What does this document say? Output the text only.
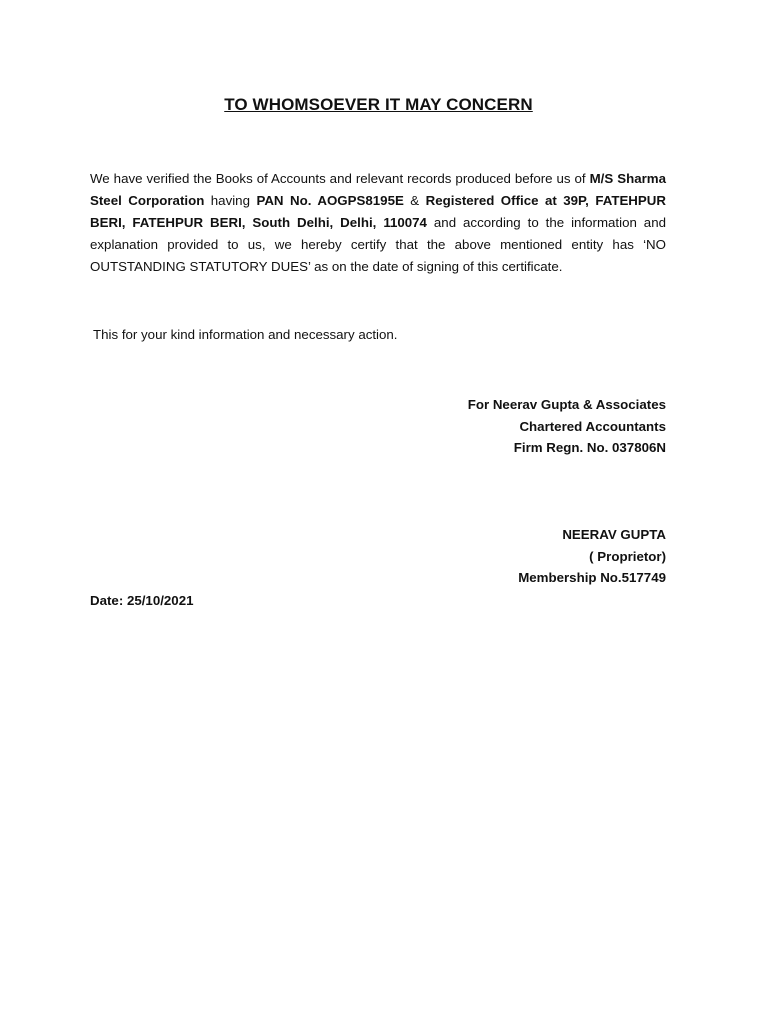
TO WHOMSOEVER IT MAY CONCERN
We have verified the Books of Accounts and relevant records produced before us of M/S Sharma Steel Corporation having PAN No. AOGPS8195E & Registered Office at 39P, FATEHPUR BERI, FATEHPUR BERI, South Delhi, Delhi, 110074 and according to the information and explanation provided to us, we hereby certify that the above mentioned entity has ‘NO OUTSTANDING STATUTORY DUES’ as on the date of signing of this certificate.
This for your kind information and necessary action.
For Neerav Gupta & Associates
Chartered Accountants
Firm Regn. No. 037806N
NEERAV GUPTA
( Proprietor)
Membership No.517749
Date: 25/10/2021
